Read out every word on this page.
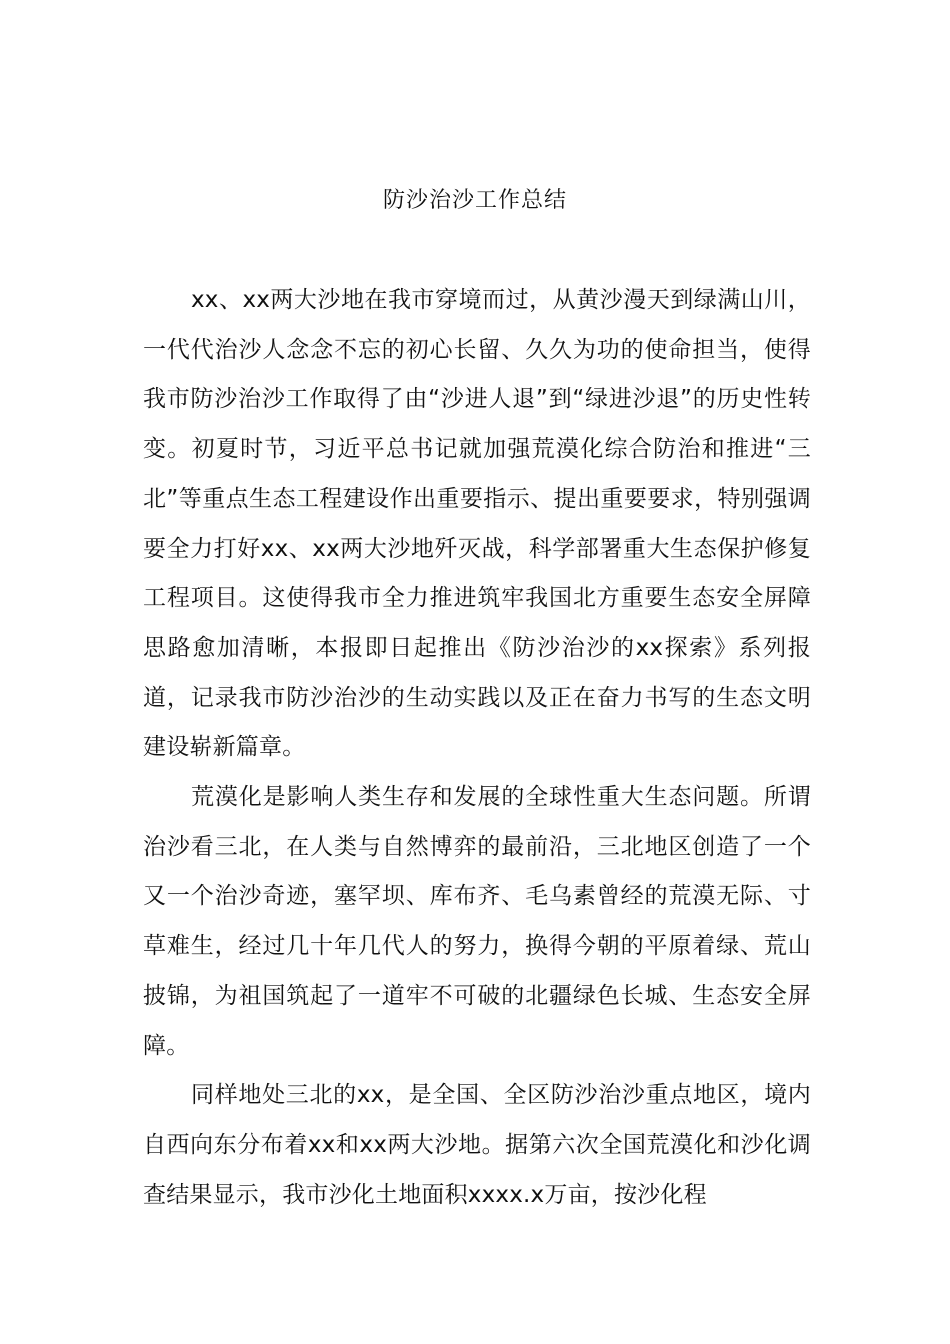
防沙治沙工作总结

xx、xx两大沙地在我市穿境而过，从黄沙漫天到绿满山川，一代代治沙人念念不忘的初心长留、久久为功的使命担当，使得我市防沙治沙工作取得了由“沙进人退”到“绿进沙退”的历史性转变。初夏时节，习近平总书记就加强荒漠化综合防治和推进“三北”等重点生态工程建设作出重要指示、提出重要要求，特别强调要全力打好xx、xx两大沙地歼灭战，科学部署重大生态保护修复工程项目。这使得我市全力推进筑牢我国北方重要生态安全屏障思路愈加清晰，本报即日起推出《防沙治沙的xx探索》系列报道，记录我市防沙治沙的生动实践以及正在奋力书写的生态文明建设崭新篇章。

荒漠化是影响人类生存和发展的全球性重大生态问题。所谓治沙看三北，在人类与自然博弈的最前沿，三北地区创造了一个又一个治沙奇迹，塞罕坝、库布齐、毛乌素曾经的荒漠无际、寸草难生，经过几十年几代人的努力，换得今朝的平原着绿、荒山披锦，为祖国筑起了一道牢不可破的北疆绿色长城、生态安全屏障。

同样地处三北的xx，是全国、全区防沙治沙重点地区，境内自西向东分布着xx和xx两大沙地。据第六次全国荒漠化和沙化调查结果显示，我市沙化土地面积xxxx.x万亩，按沙化程
